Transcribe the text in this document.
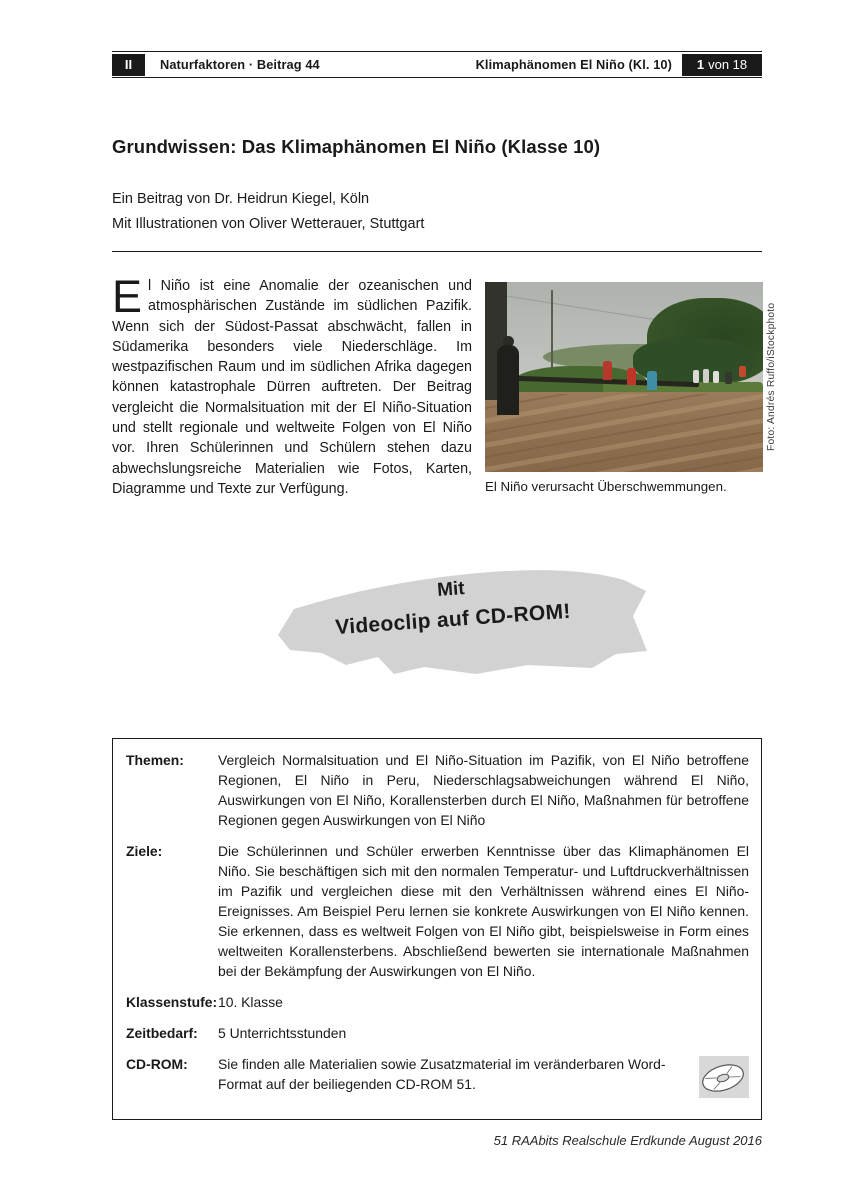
II	Naturfaktoren · Beitrag 44	Klimaphänomen El Niño (Kl. 10) 1 von 18
Grundwissen: Das Klimaphänomen El Niño (Klasse 10)
Ein Beitrag von Dr. Heidrun Kiegel, Köln
Mit Illustrationen von Oliver Wetterauer, Stuttgart

El Niño ist eine Anomalie der ozeanischen und atmosphärischen Zustände im südlichen Pazifik. Wenn sich der Südost-Passat abschwächt, fallen in Südamerika besonders viele Niederschläge. Im westpazifischen Raum und im südlichen Afrika dagegen können katastrophale Dürren auftreten. Der Beitrag vergleicht die Normalsituation mit der El Niño-Situation und stellt regionale und weltweite Folgen von El Niño vor. Ihren Schülerinnen und Schülern stehen dazu abwechslungsreiche Materialien wie Fotos, Karten, Diagramme und Texte zur Verfügung.	El Niño verursacht Überschwemmungen.
Foto: Andrés Ruffo/iStockphoto
Mit
Videoclip auf CD-ROM!
Themen:	Vergleich Normalsituation und El Niño-Situation im Pazifik, von El Niño betroffene Regionen, El Niño in Peru, Niederschlagsabweichungen während El Niño, Auswirkungen von El Niño, Korallensterben durch El Niño, Maßnahmen für betroffene Regionen gegen Auswirkungen von El Niño
Ziele:	Die Schülerinnen und Schüler erwerben Kenntnisse über das Klimaphänomen El Niño. Sie beschäftigen sich mit den normalen Temperatur- und Luftdruckverhältnissen im Pazifik und vergleichen diese mit den Verhältnissen während eines El Niño-Ereignisses. Am Beispiel Peru lernen sie konkrete Auswirkungen von El Niño kennen. Sie erkennen, dass es weltweit Folgen von El Niño gibt, beispielsweise in Form eines weltweiten Korallensterbens. Abschließend bewerten sie internationale Maßnahmen bei der Bekämpfung der Auswirkungen von El Niño.
Klassenstufe: 10. Klasse
Zeitbedarf:	5 Unterrichtsstunden
CD-ROM:	Sie finden alle Materialien sowie Zusatzmaterial im veränderbaren Word-Format auf der beiliegenden CD-ROM 51.
51 RAAbits Realschule Erdkunde August 2016
